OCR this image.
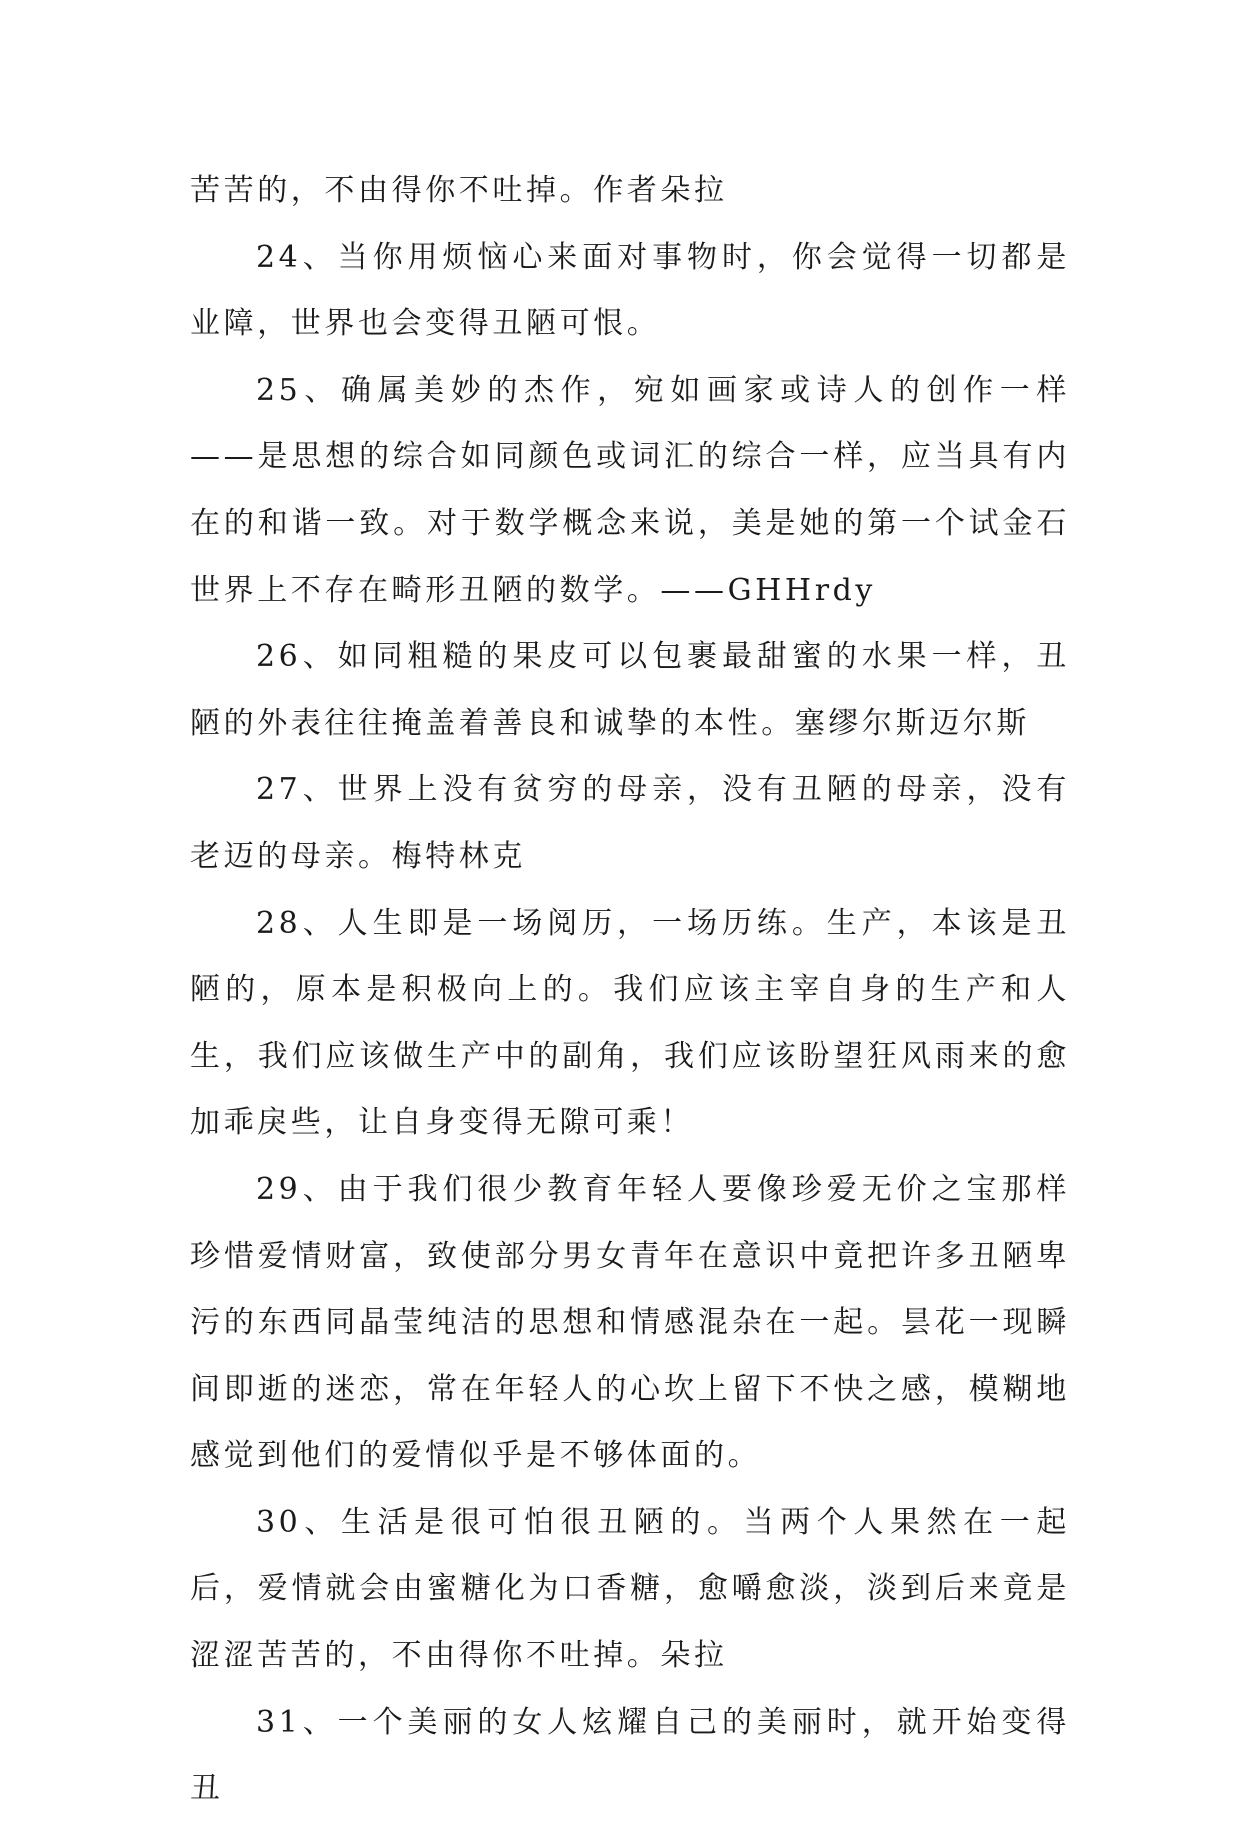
苦苦的，不由得你不吐掉。作者朵拉

24、当你用烦恼心来面对事物时，你会觉得一切都是业障，世界也会变得丑陋可恨。

25、确属美妙的杰作，宛如画家或诗人的创作一样——是思想的综合如同颜色或词汇的综合一样，应当具有内在的和谐一致。对于数学概念来说，美是她的第一个试金石世界上不存在畸形丑陋的数学。——GHHrdy

26、如同粗糙的果皮可以包裹最甜蜜的水果一样，丑陋的外表往往掩盖着善良和诚挚的本性。塞缪尔斯迈尔斯

27、世界上没有贫穷的母亲，没有丑陋的母亲，没有老迈的母亲。梅特林克

28、人生即是一场阅历，一场历练。生产，本该是丑陋的，原本是积极向上的。我们应该主宰自身的生产和人生，我们应该做生产中的副角，我们应该盼望狂风雨来的愈加乖戾些，让自身变得无隙可乘！

29、由于我们很少教育年轻人要像珍爱无价之宝那样珍惜爱情财富，致使部分男女青年在意识中竟把许多丑陋卑污的东西同晶莹纯洁的思想和情感混杂在一起。昙花一现瞬间即逝的迷恋，常在年轻人的心坎上留下不快之感，模糊地感觉到他们的爱情似乎是不够体面的。

30、生活是很可怕很丑陋的。当两个人果然在一起后，爱情就会由蜜糖化为口香糖，愈嚼愈淡，淡到后来竟是涩涩苦苦的，不由得你不吐掉。朵拉

31、一个美丽的女人炫耀自己的美丽时，就开始变得丑
